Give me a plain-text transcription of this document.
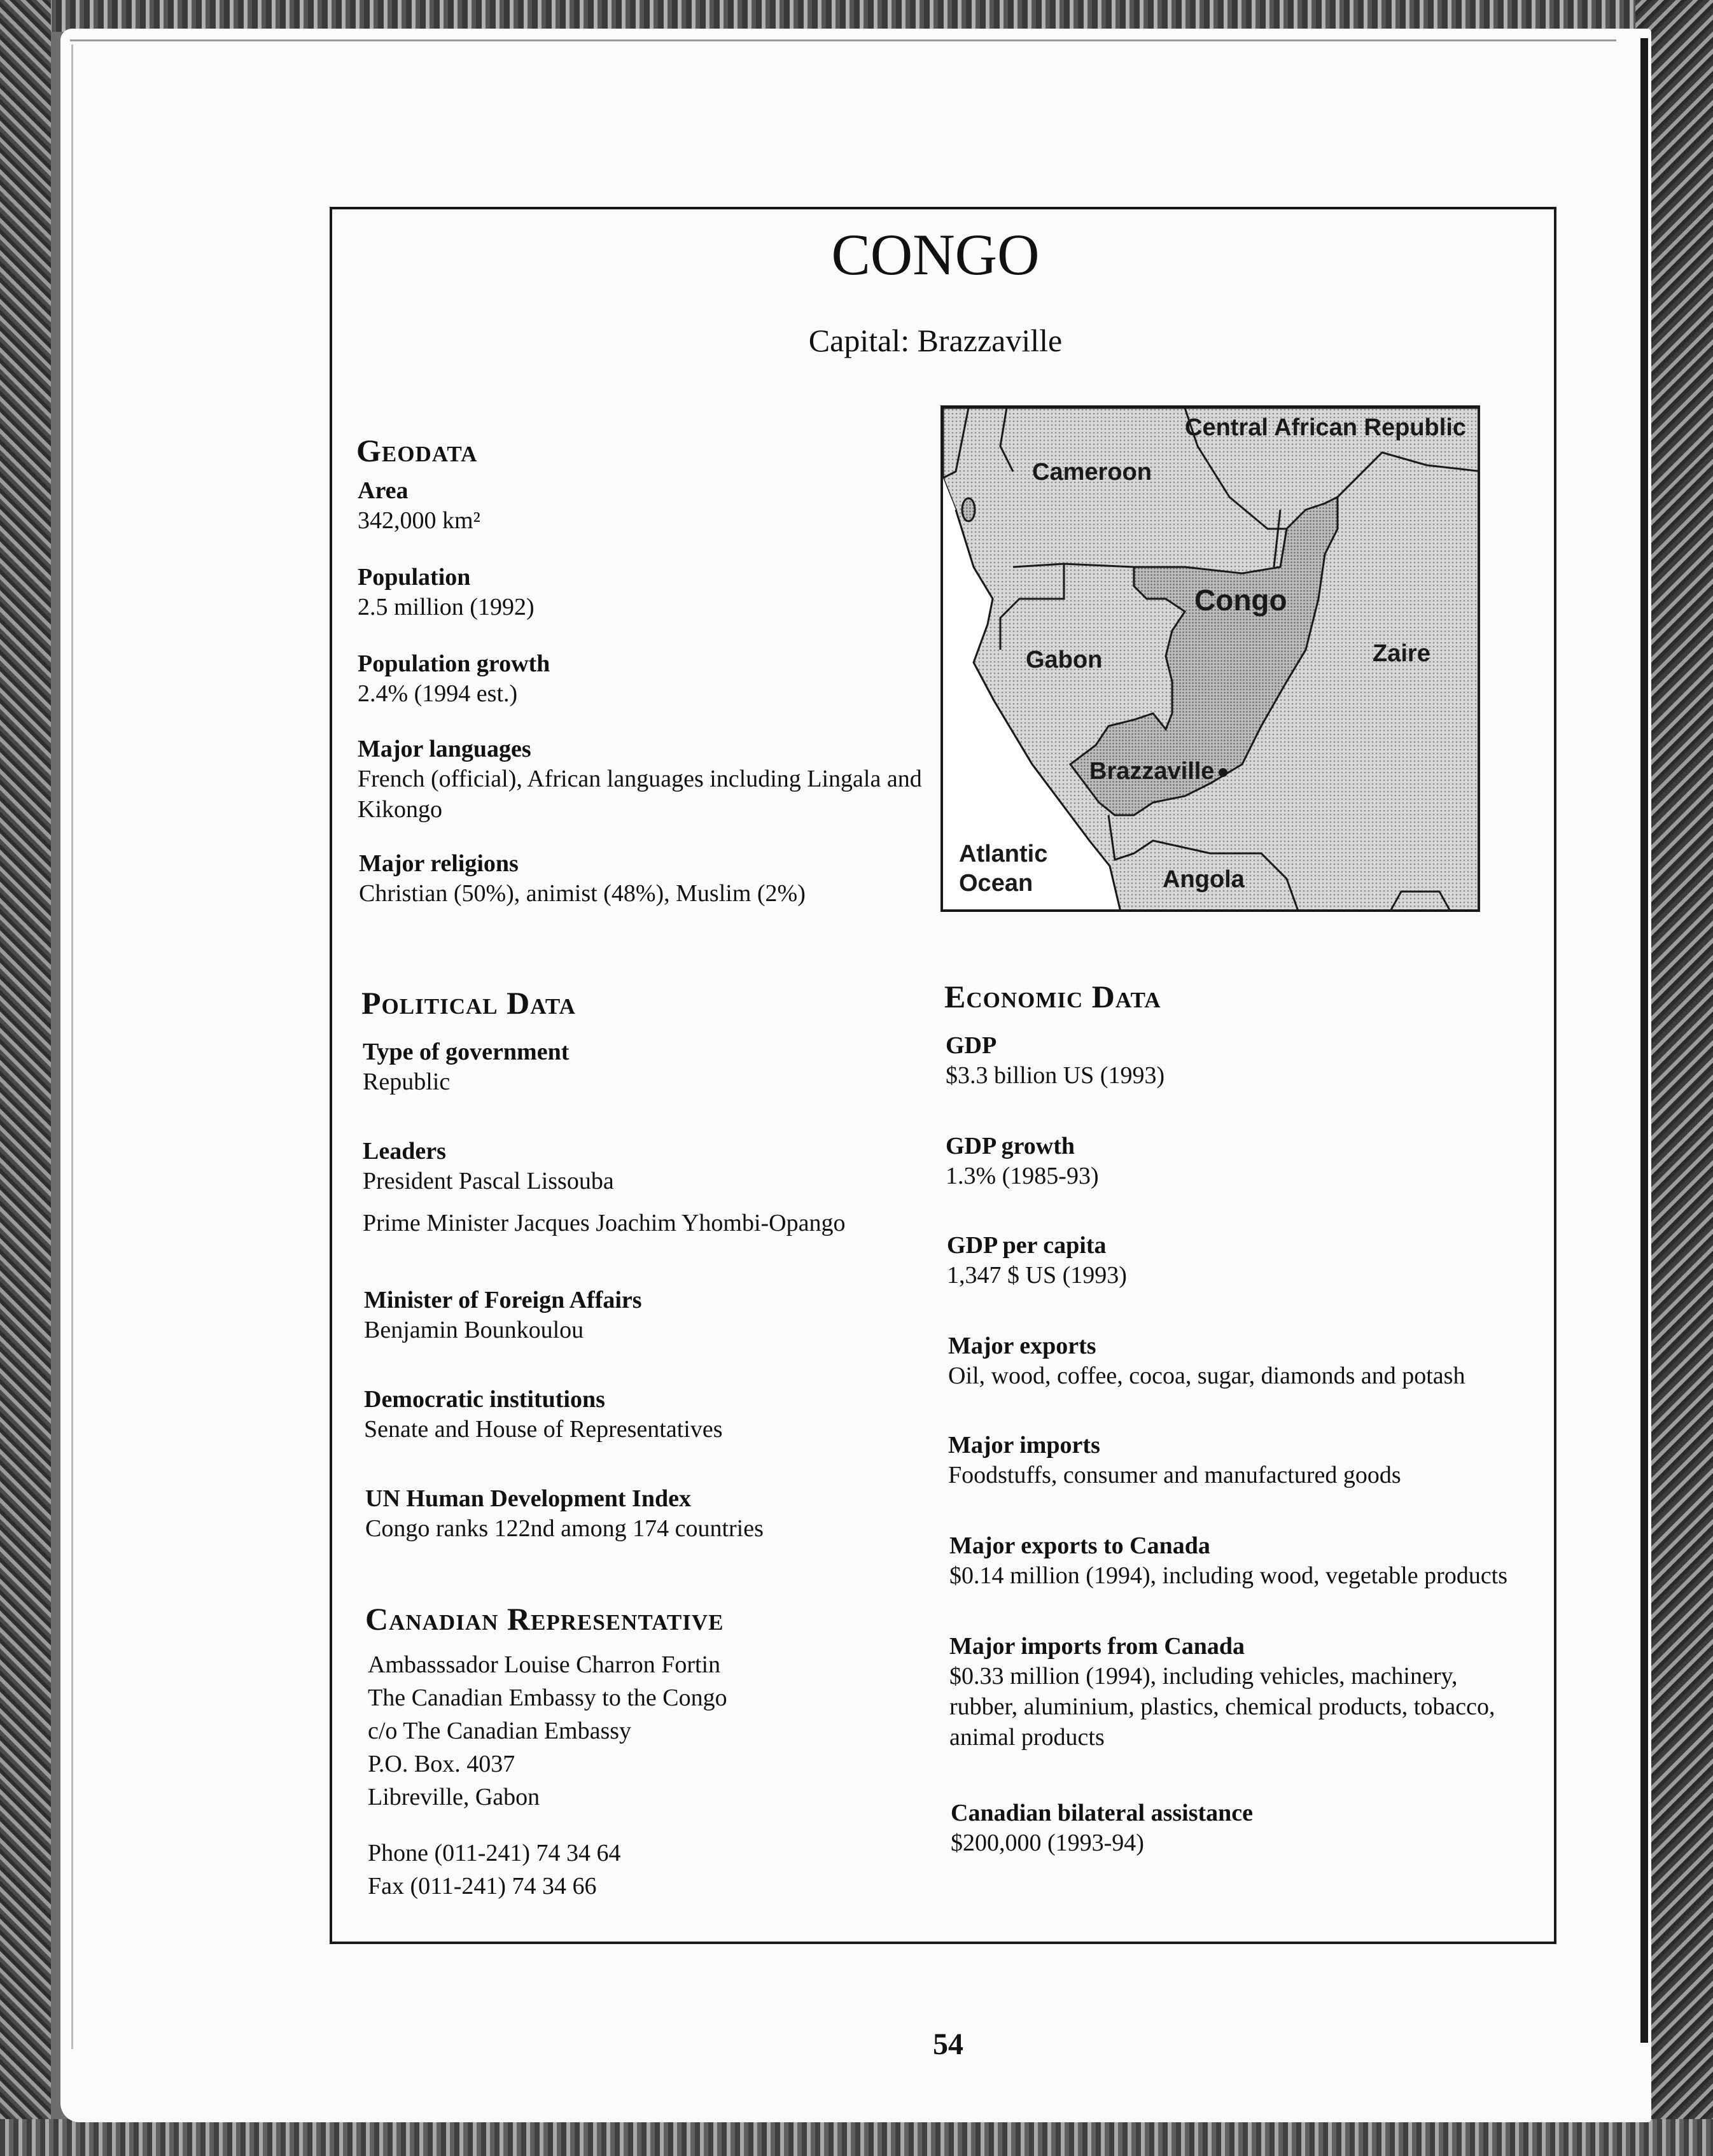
CONGO
Capital: Brazzaville
Central African Republic
Cameroon
Congo
Gabon	Zaire
Brazzaville
Atlantic
Ocean	Angola
Geodata
Area
342,000 km²
Population
2.5 million (1992)
Population growth
2.4% (1994 est.)
Major languages
French (official), African languages including Lingala and
Kikongo
Major religions
Christian (50%), animist (48%), Muslim (2%)
Political Data
Type of government
Republic
Leaders
President Pascal Lissouba
Prime Minister Jacques Joachim Yhombi-Opango
Minister of Foreign Affairs
Benjamin Bounkoulou
Democratic institutions
Senate and House of Representatives
UN Human Development Index
Congo ranks 122nd among 174 countries
Canadian Representative
Ambasssador Louise Charron Fortin
The Canadian Embassy to the Congo
c/o The Canadian Embassy
P.O. Box. 4037
Libreville, Gabon
Phone (011-241) 74 34 64
Fax (011-241) 74 34 66
Economic Data
GDP
$3.3 billion US (1993)
GDP growth
1.3% (1985-93)
GDP per capita
1,347 $ US (1993)
Major exports
Oil, wood, coffee, cocoa, sugar, diamonds and potash
Major imports
Foodstuffs, consumer and manufactured goods
Major exports to Canada
$0.14 million (1994), including wood, vegetable products
Major imports from Canada
$0.33 million (1994), including vehicles, machinery,
rubber, aluminium, plastics, chemical products, tobacco,
animal products
Canadian bilateral assistance
$200,000 (1993-94)
54
